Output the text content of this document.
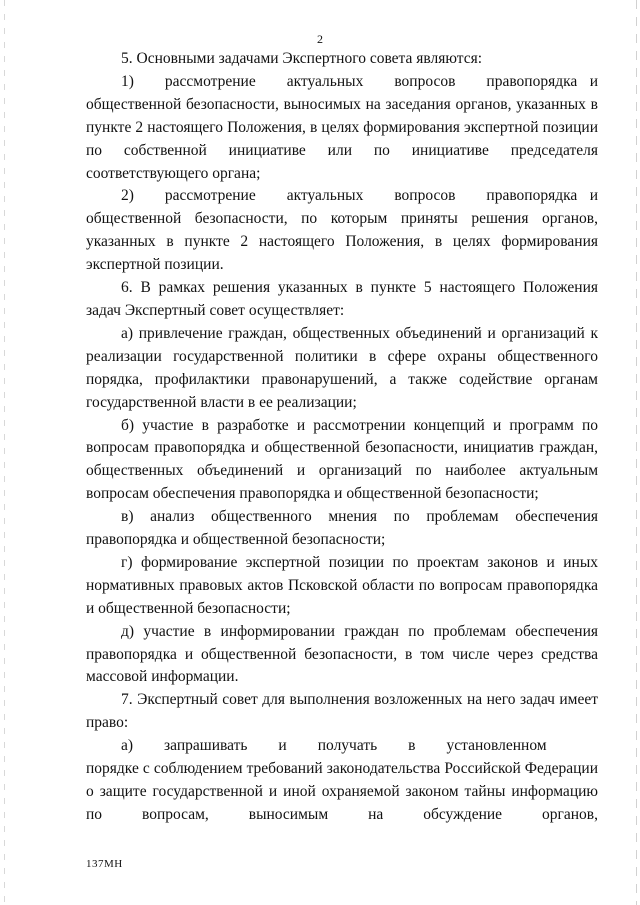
2

5. Основными задачами Экспертного совета являются:

1)  рассмотрение  актуальных  вопросов  правопорядка и общественной безопасности, выносимых на заседания органов, указанных в пункте 2 настоящего Положения, в целях формирования экспертной позиции по собственной инициативе или по инициативе председателя соответствующего органа;

2)  рассмотрение  актуальных  вопросов  правопорядка и общественной безопасности, по которым приняты решения органов, указанных в пункте 2 настоящего Положения, в целях формирования экспертной позиции.

6. В рамках решения указанных в пункте 5 настоящего Положения задач Экспертный совет осуществляет:

а) привлечение граждан, общественных объединений и организаций к реализации государственной политики в сфере охраны общественного порядка, профилактики правонарушений, а также содействие органам государственной власти в ее реализации;

б) участие в разработке и рассмотрении концепций и программ по вопросам правопорядка и общественной безопасности, инициатив граждан, общественных объединений и организаций по наиболее актуальным вопросам обеспечения правопорядка и общественной безопасности;

в) анализ общественного мнения по проблемам обеспечения правопорядка и общественной безопасности;

г) формирование экспертной позиции по проектам законов и иных нормативных правовых актов Псковской области по вопросам правопорядка и общественной безопасности;

д) участие в информировании граждан по проблемам обеспечения правопорядка и общественной безопасности, в том числе через средства массовой информации.

7. Экспертный совет для выполнения возложенных на него задач имеет право:

а)  запрашивать  и  получать  в  установленном  порядке с соблюдением требований законодательства Российской Федерации о защите государственной и иной охраняемой законом тайны информацию по вопросам, выносимым на обсуждение органов,

137МН
